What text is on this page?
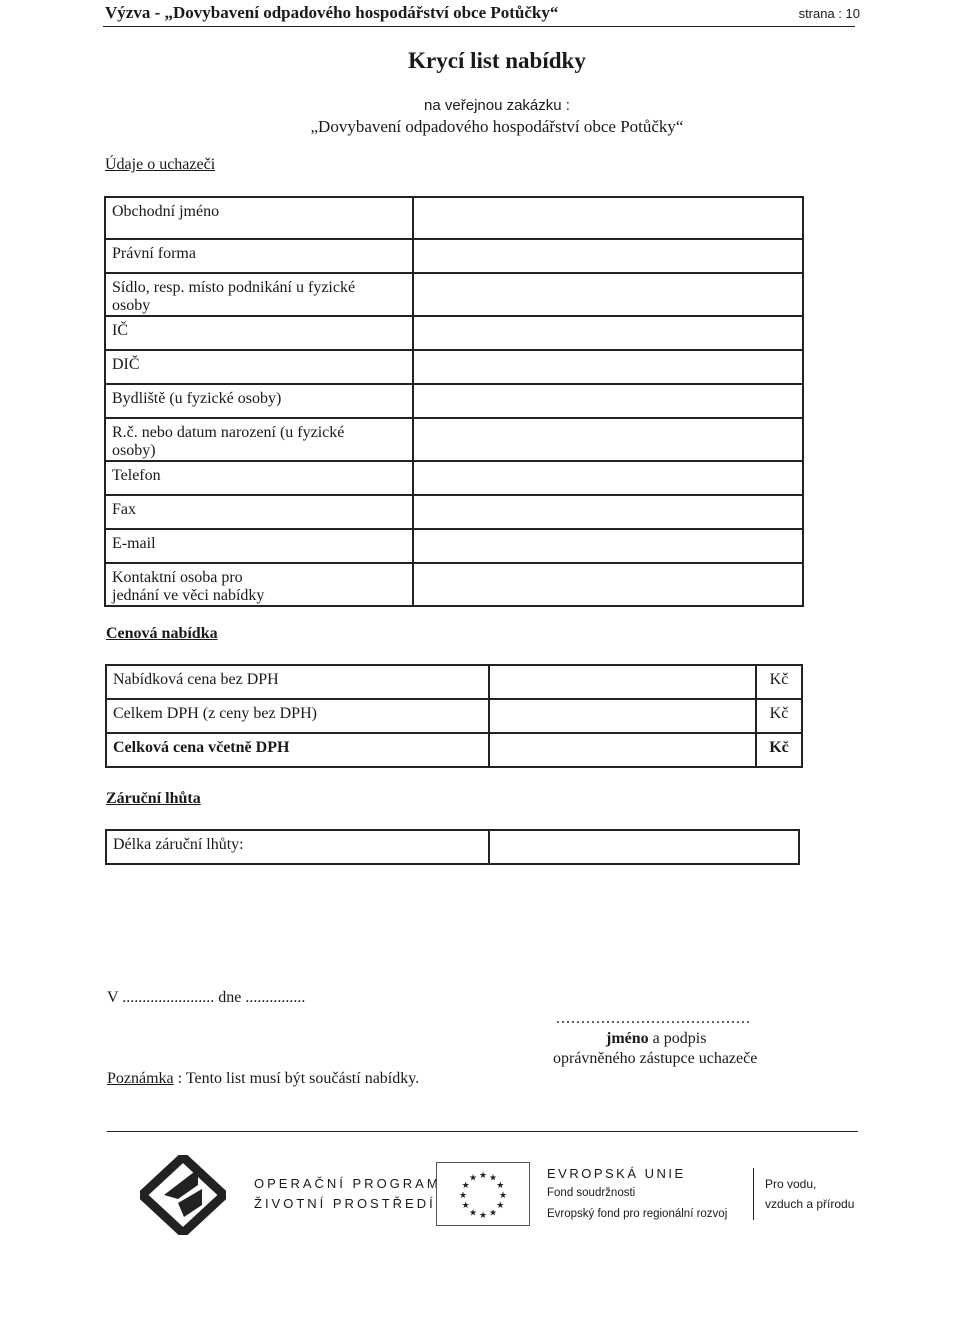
Výzva - „Dovybavení odpadového hospodářství obce Potůčky“	strana : 10
Krycí list nabídky
na veřejnou zakázku :
„Dovybavení odpadového hospodářství obce Potůčky“
Údaje o uchazeči
Obchodní jméno	

Právní forma	

Sídlo, resp. místo podnikání u fyzické
osoby	

IČ	

DIČ	

Bydliště (u fyzické osoby)	

R.č. nebo datum narození (u fyzické
osoby)	

Telefon	

Fax	

E-mail	

Kontaktní osoba pro
jednání ve věci nabídky	

Cenová nabídka
Nabídková cena bez DPH		Kč

Celkem DPH (z ceny bez DPH)		Kč

Celková cena včetně DPH		Kč
Záruční lhůta
Délka záruční lhůty:

V ....................... dne ...............
.......................................
jméno a podpis
oprávněného zástupce uchazeče
Poznámka : Tento list musí být součástí nabídky.
OPERAČNÍ PROGRAM
ŽIVOTNÍ PROSTŘEDÍ
★
★
★
★
★
★
★
★
★ ★ ★
★
EVROPSKÁ UNIE
Fond soudržnosti
Evropský fond pro regionální rozvoj
Pro vodu,
vzduch a přírodu
